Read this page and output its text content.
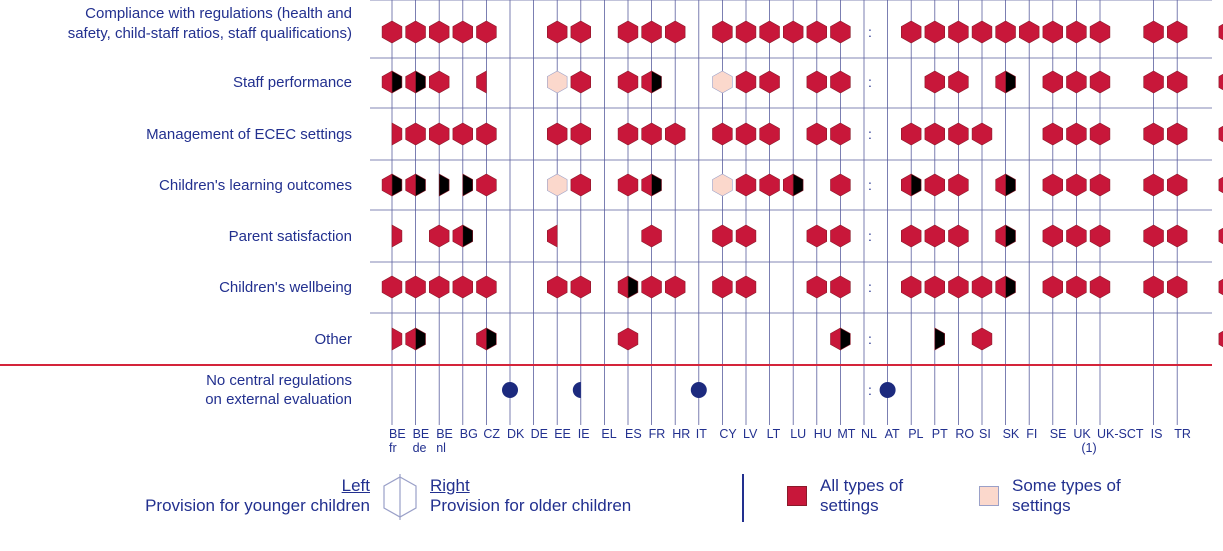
BE fr
BE de
BE nl
BG CZ DK DE EE IE EL ES FR HR IT CY LV LT LU HU MT
:
:
:
:
:
:
:
:
NL AT PL PT RO SI SK FI SE UK (1)
UK-SCT IS TR
Compliance with regulations (health and safety, child-staff ratios, staff qualifications)
Staff performance
Management of ECEC settings
Children's learning outcomes
Parent satisfaction
Children's wellbeing
Other
No central regulations on external evaluation
Left
Provision for younger children
Right
Provision for older children
All types of
settings
Some types of
settings
